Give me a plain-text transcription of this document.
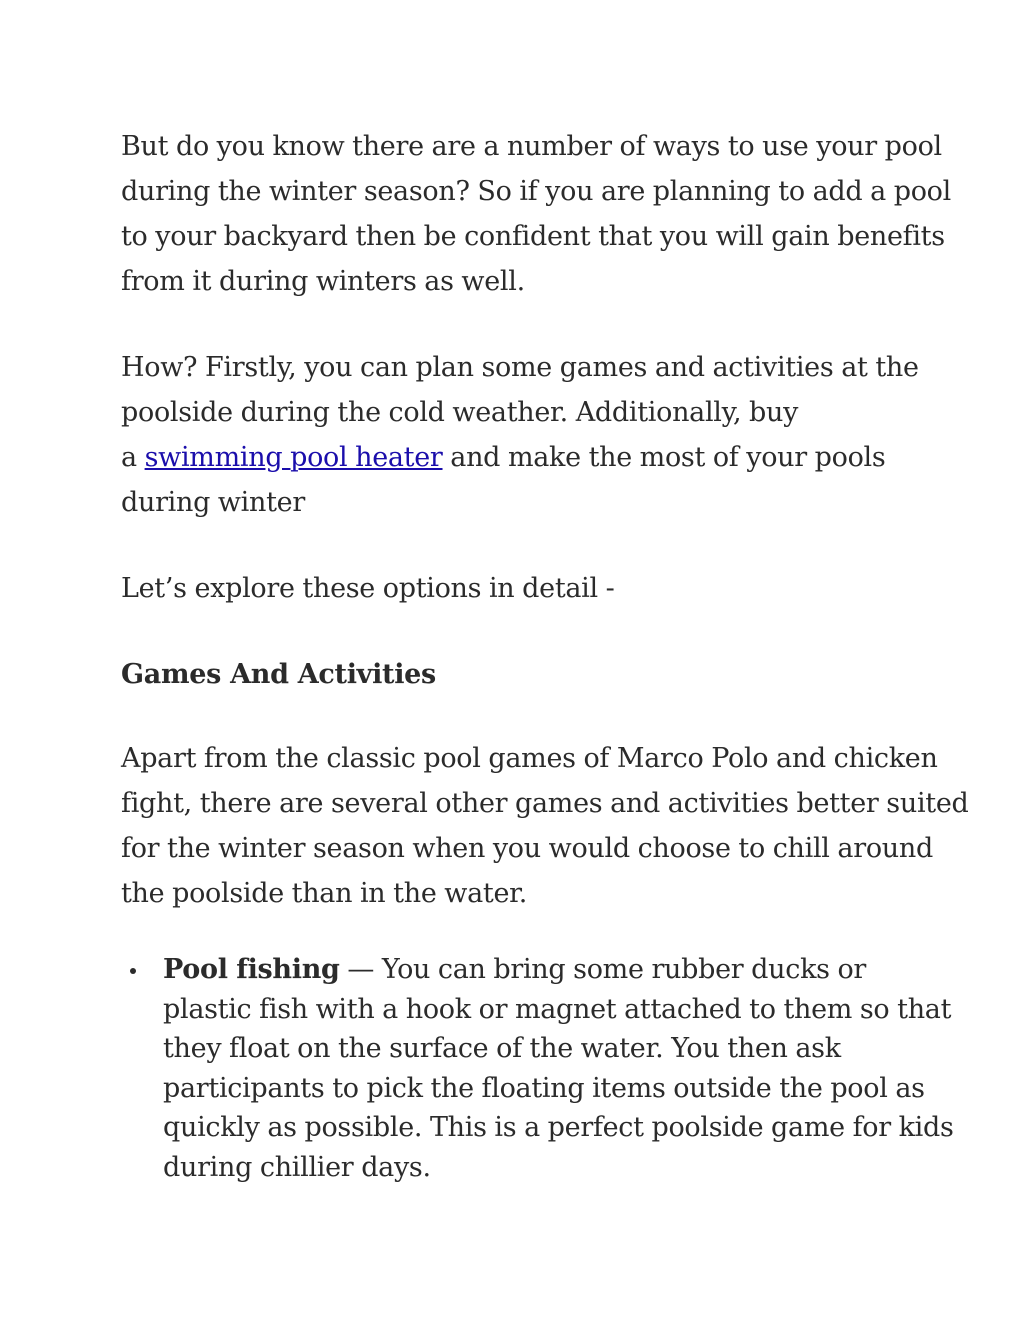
But do you know there are a number of ways to use your pool
during the winter season? So if you are planning to add a pool
to your backyard then be confident that you will gain benefits
from it during winters as well.

How? Firstly, you can plan some games and activities at the
poolside during the cold weather. Additionally, buy
a swimming pool heater and make the most of your pools
during winter

Let’s explore these options in detail -

Games And Activities

Apart from the classic pool games of Marco Polo and chicken
fight, there are several other games and activities better suited
for the winter season when you would choose to chill around
the poolside than in the water.

Pool fishing — You can bring some rubber ducks or
plastic fish with a hook or magnet attached to them so that
they float on the surface of the water. You then ask
participants to pick the floating items outside the pool as
quickly as possible. This is a perfect poolside game for kids
during chillier days.
